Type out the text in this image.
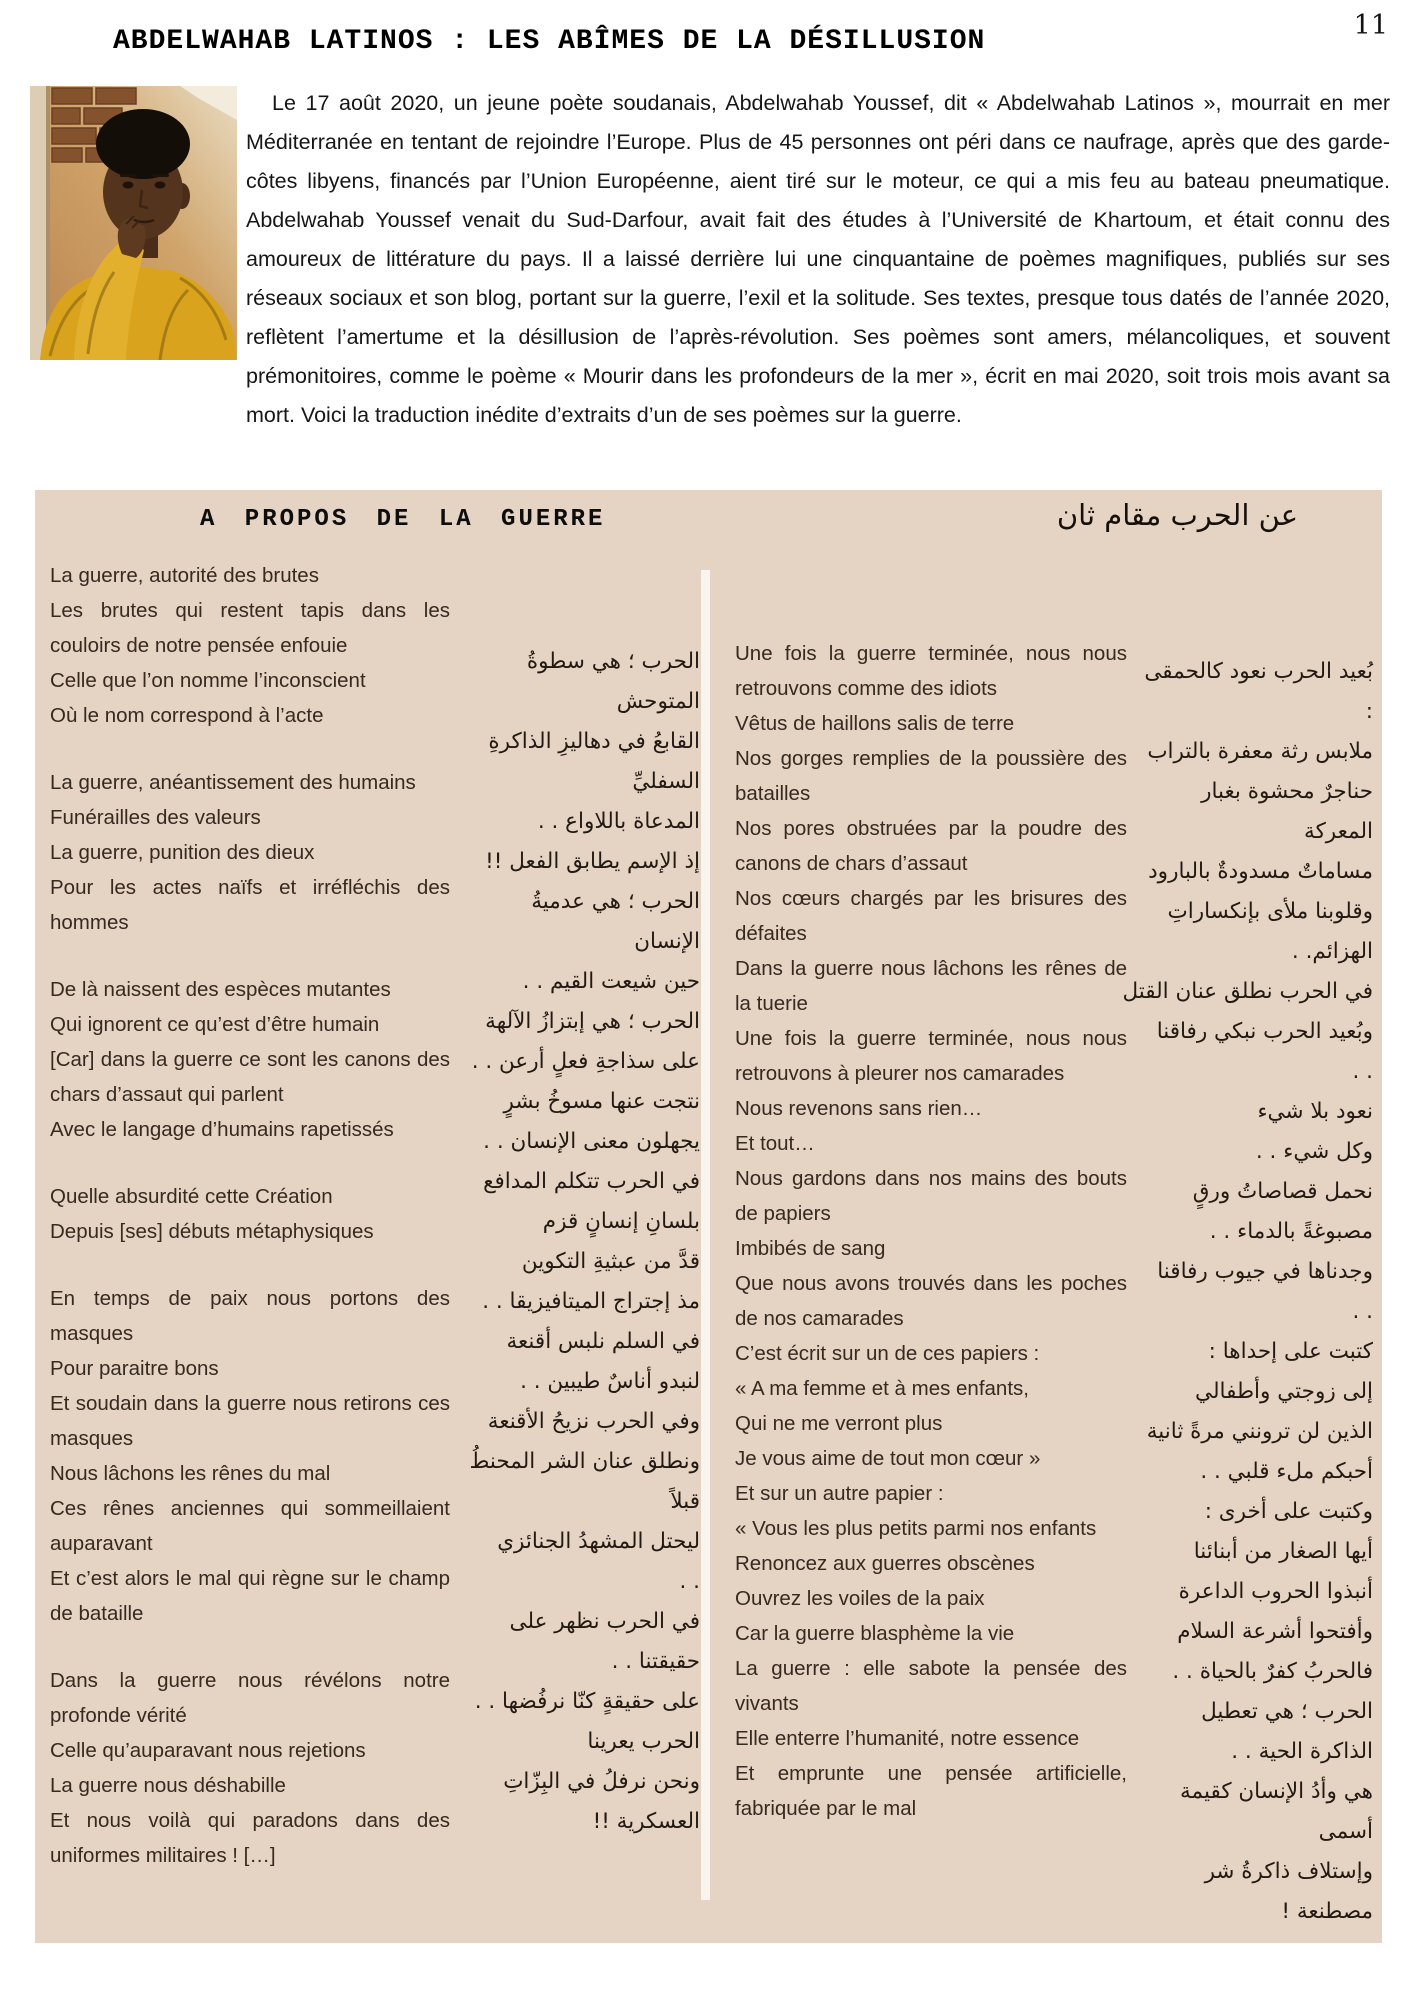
11
ABDELWAHAB LATINOS : LES ABÎMES DE LA DÉSILLUSION

Le 17 août 2020, un jeune poète soudanais, Abdelwahab Youssef, dit « Abdelwahab Latinos », mourrait en mer Méditerranée en tentant de rejoindre l’Europe. Plus de 45 personnes ont péri dans ce naufrage, après que des garde-côtes libyens, financés par l’Union Européenne, aient tiré sur le moteur, ce qui a mis feu au bateau pneumatique. Abdelwahab Youssef venait du Sud-Darfour, avait fait des études à l’Université de Khartoum, et était connu des amoureux de littérature du pays. Il a laissé derrière lui une cinquantaine de poèmes magnifiques, publiés sur ses réseaux sociaux et son blog, portant sur la guerre, l’exil et la solitude. Ses textes, presque tous datés de l’année 2020, reflètent l’amertume et la désillusion de l’après-révolution. Ses poèmes sont amers, mélancoliques, et souvent prémonitoires, comme le poème « Mourir dans les profondeurs de la mer », écrit en mai 2020, soit trois mois avant sa mort. Voici la traduction inédite d’extraits d’un de ses poèmes sur la guerre.

A PROPOS DE LA GUERRE	عن الحرب مقام ثان
La guerre, autorité des brutes
Les brutes qui restent tapis dans les couloirs de notre pensée enfouie
Celle que l’on nomme l’inconscient
Où le nom correspond à l’acte
La guerre, anéantissement des humains
Funérailles des valeurs
La guerre, punition des dieux
Pour les actes naïfs et irréfléchis des hommes
De là naissent des espèces mutantes
Qui ignorent ce qu’est d’être humain
[Car] dans la guerre ce sont les canons des chars d’assaut qui parlent
Avec le langage d’humains rapetissés
Quelle absurdité cette Création
Depuis [ses] débuts métaphysiques
En temps de paix nous portons des masques
Pour paraitre bons
Et soudain dans la guerre nous retirons ces masques
Nous lâchons les rênes du mal
Ces rênes anciennes qui sommeillaient auparavant
Et c’est alors le mal qui règne sur le champ de bataille
Dans la guerre nous révélons notre profonde vérité
Celle qu’auparavant nous rejetions
La guerre nous déshabille
Et nous voilà qui paradons dans des uniformes militaires ! […]
الحرب ؛ هي سطوةُ
المتوحش
القابعُ في دهاليزِ الذاكرةِ
السفليِّ
المدعاة باللاواع . .
إذ الإسم يطابق الفعل !!
الحرب ؛ هي عدميةُ
الإنسان
حين شيعت القيم . .
الحرب ؛ هي إبتزازُ الآلهة
على سذاجةِ فعلٍ أرعن . .
نتجت عنها مسوخُ بشرٍ
يجهلون معنى الإنسان . .
في الحرب تتكلم المدافع
بلسانِ إنسانٍ قزم
قدَّ من عبثيةِ التكوين
مذ إجتراج الميتافيزيقا . .
في السلم نلبس أقنعة
لنبدو أناسٌ طيبين . .
وفي الحرب نزيحُ الأقنعة
ونطلق عنان الشر المحنطُ
قبلاً
ليحتل المشهدُ الجنائزي
. .
في الحرب نظهر على
حقيقتنا . .
على حقيقةٍ كنّا نرفُضها . .
الحرب يعرينا
ونحن نرفلُ في البِزّاتِ
العسكرية !!
Une fois la guerre terminée, nous nous retrouvons comme des idiots
Vêtus de haillons salis de terre
Nos gorges remplies de la poussière des batailles
Nos pores obstruées par la poudre des canons de chars d’assaut
Nos cœurs chargés par les brisures des défaites
Dans la guerre nous lâchons les rênes de la tuerie
Une fois la guerre terminée, nous nous retrouvons à pleurer nos camarades
Nous revenons sans rien…
Et tout…
Nous gardons dans nos mains des bouts de papiers
Imbibés de sang
Que nous avons trouvés dans les poches de nos camarades
C’est écrit sur un de ces papiers :
« A ma femme et à mes enfants,
Qui ne me verront plus
Je vous aime de tout mon cœur »
Et sur un autre papier :
« Vous les plus petits parmi nos enfants
Renoncez aux guerres obscènes
Ouvrez les voiles de la paix
Car la guerre blasphème la vie
La guerre : elle sabote la pensée des vivants
Elle enterre l’humanité, notre essence
Et emprunte une pensée artificielle, fabriquée par le mal
بُعيد الحرب نعود كالحمقى
:
ملابس رثة معفرة بالتراب
حناجرٌ محشوة بغبار
المعركة
مساماتٌ مسدودةٌ بالبارود
وقلوبنا ملأى بإنكساراتِ
الهزائم. .
في الحرب نطلق عنان القتل
وبُعيد الحرب نبكي رفاقنا
. .
نعود بلا شيء
وكل شيء . .
نحمل قصاصاتُ ورقٍ
مصبوغةً بالدماء . .
وجدناها في جيوب رفاقنا
. .
كتبت على إحداها :
إلى زوجتي وأطفالي
الذين لن ترونني مرةً ثانية
أحبكم ملء قلبي . .
وكتبت على أخرى :
أيها الصغار من أبنائنا
أنبذوا الحروب الداعرة
وأفتحوا أشرعة السلام
فالحربُ كفرٌ بالحياة . .
الحرب ؛ هي تعطيل
الذاكرة الحية . .
هي وأدُ الإنسان كقيمة
أسمى
وإستلاف ذاكرةُ شر
مصطنعة !
